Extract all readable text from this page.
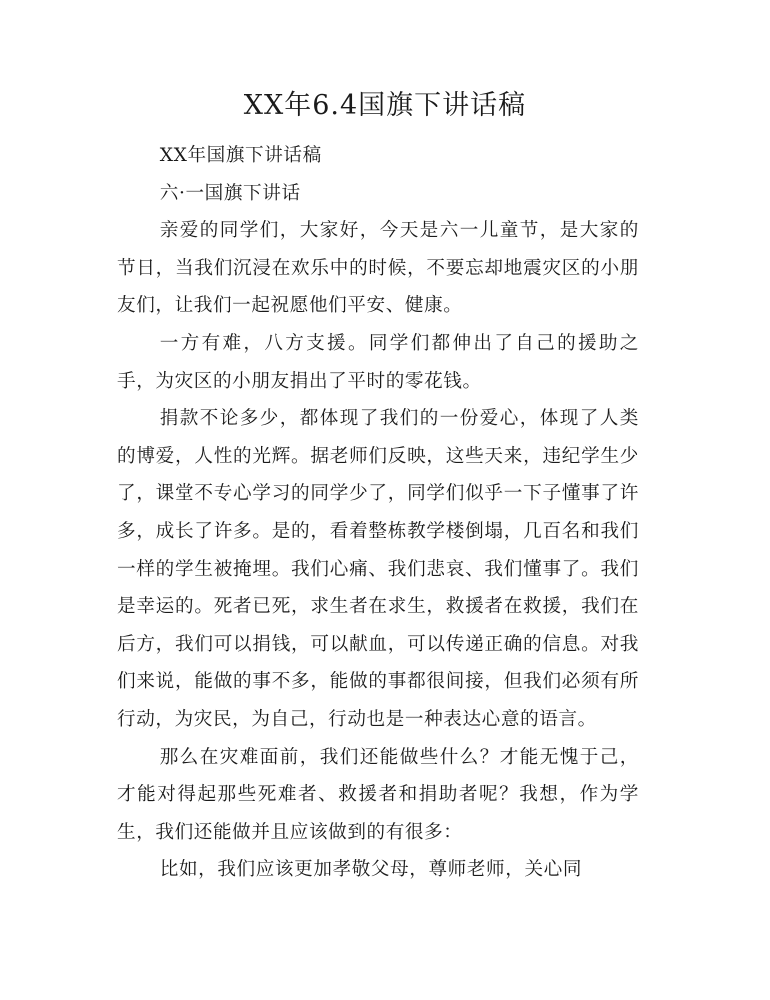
XX年6.4国旗下讲话稿

XX年国旗下讲话稿

六·一国旗下讲话

亲爱的同学们，大家好，今天是六一儿童节，是大家的节日，当我们沉浸在欢乐中的时候，不要忘却地震灾区的小朋友们，让我们一起祝愿他们平安、健康。

一方有难，八方支援。同学们都伸出了自己的援助之手，为灾区的小朋友捐出了平时的零花钱。

捐款不论多少，都体现了我们的一份爱心，体现了人类的博爱，人性的光辉。据老师们反映，这些天来，违纪学生少了，课堂不专心学习的同学少了，同学们似乎一下子懂事了许多，成长了许多。是的，看着整栋教学楼倒塌，几百名和我们一样的学生被掩埋。我们心痛、我们悲哀、我们懂事了。我们是幸运的。死者已死，求生者在求生，救援者在救援，我们在后方，我们可以捐钱，可以献血，可以传递正确的信息。对我们来说，能做的事不多，能做的事都很间接，但我们必须有所行动，为灾民，为自己，行动也是一种表达心意的语言。

那么在灾难面前，我们还能做些什么？才能无愧于己，才能对得起那些死难者、救援者和捐助者呢？我想，作为学生，我们还能做并且应该做到的有很多：

比如，我们应该更加孝敬父母，尊师老师，关心同
